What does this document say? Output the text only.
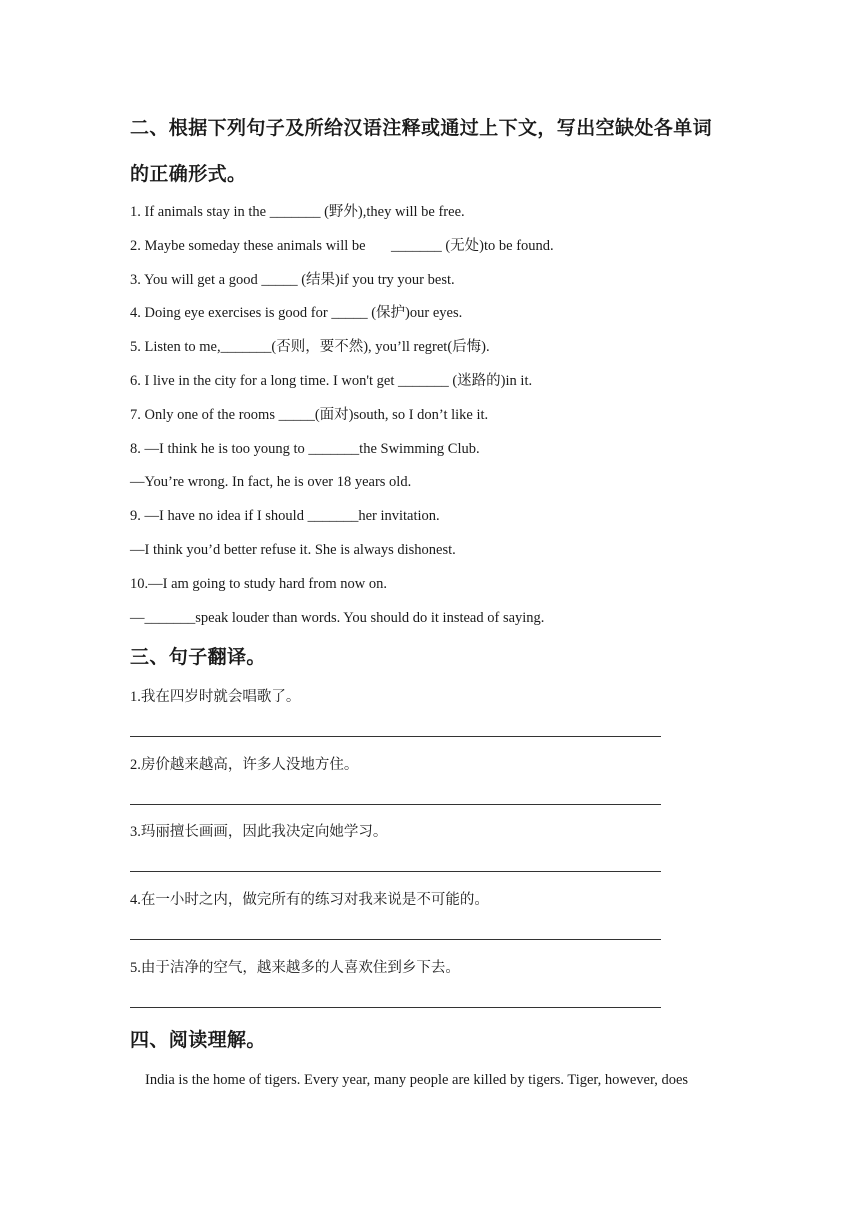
二、根据下列句子及所给汉语注释或通过上下文，写出空缺处各单词
的正确形式。
1. If animals stay in the _______ (野外),they will be free.
2. Maybe someday these animals will be       _______ (无处)to be found.
3. You will get a good _____ (结果)if you try your best.
4. Doing eye exercises is good for _____ (保护)our eyes.
5. Listen to me,_______(否则，要不然), you’ll regret(后悔).
6. I live in the city for a long time. I won't get _______ (迷路的)in it.
7. Only one of the rooms _____(面对)south, so I don’t like it.
8. —I think he is too young to _______the Swimming Club.
—You’re wrong. In fact, he is over 18 years old.
9. —I have no idea if I should _______her invitation.
—I think you’d better refuse it. She is always dishonest.
10.—I am going to study hard from now on.
—_______speak louder than words. You should do it instead of saying.
三、句子翻译。
1.我在四岁时就会唱歌了。
2.房价越来越高，许多人没地方住。
3.玛丽擅长画画，因此我决定向她学习。
4.在一小时之内，做完所有的练习对我来说是不可能的。
5.由于洁净的空气，越来越多的人喜欢住到乡下去。
四、阅读理解。
India is the home of tigers. Every year, many people are killed by tigers. Tiger, however, does
